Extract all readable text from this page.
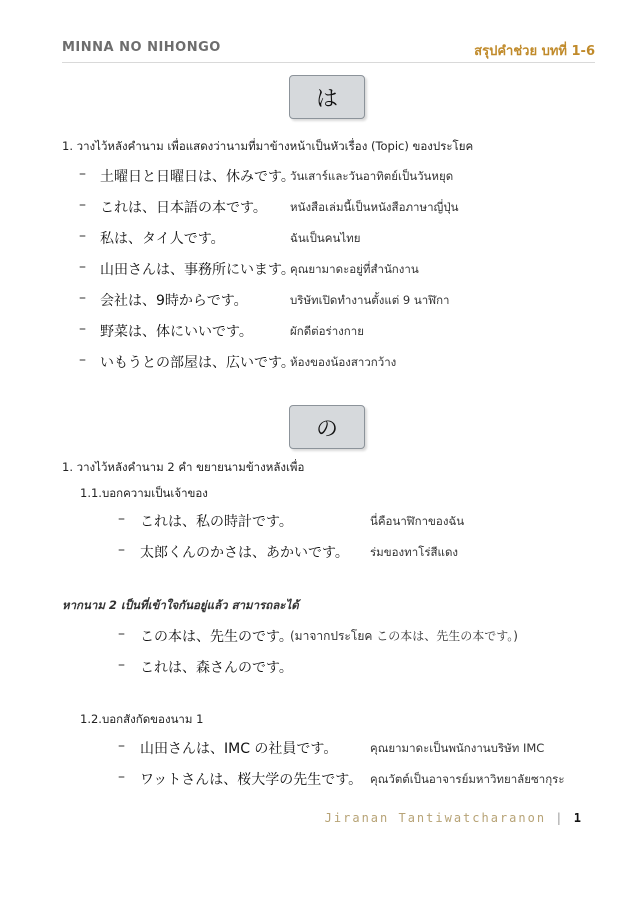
MINNA NO NIHONGO	สรุปคำช่วย บทที่ 1-6
は
1. วางไว้หลังคำนาม เพื่อแสดงว่านามที่มาข้างหน้าเป็นหัวเรื่อง (Topic) ของประโยค
– 土曜日と日曜日は、休みです。
วันเสาร์และวันอาทิตย์เป็นวันหยุด
– これは、日本語の本です。 หนังสือเล่มนี้เป็นหนังสือภาษาญี่ปุ่น
– 私は、タイ人です。	ฉันเป็นคนไทย
– 山田さんは、事務所にいます。
คุณยามาดะอยู่ที่สำนักงาน
– 会社は、9時からです。	บริษัทเปิดทำงานตั้งแต่ 9 นาฬิกา
– 野菜は、体にいいです。	ผักดีต่อร่างกาย
– いもうとの部屋は、広いです。
ห้องของน้องสาวกว้าง
の
1. วางไว้หลังคำนาม 2 คำ ขยายนามข้างหลังเพื่อ
1.1.บอกความเป็นเจ้าของ
– これは、私の時計です。	นี่คือนาฬิกาของฉัน
– 太郎くんのかさは、あかいです。 ร่มของทาโร่สีแดง
หากนาม 2 เป็นที่เข้าใจกันอยู่แล้ว สามารถละได้
– この本は、先生のです。
(มาจากประโยค この本は、先生の本です。)
– これは、森さんのです。
1.2.บอกสังกัดของนาม 1
– 山田さんは、IMC の社員です。	คุณยามาดะเป็นพนักงานบริษัท IMC
– ワットさんは、桜大学の先生です。 คุณวัตต์เป็นอาจารย์มหาวิทยาลัยซากุระ
Jiranan Tantiwatcharanon | 1
